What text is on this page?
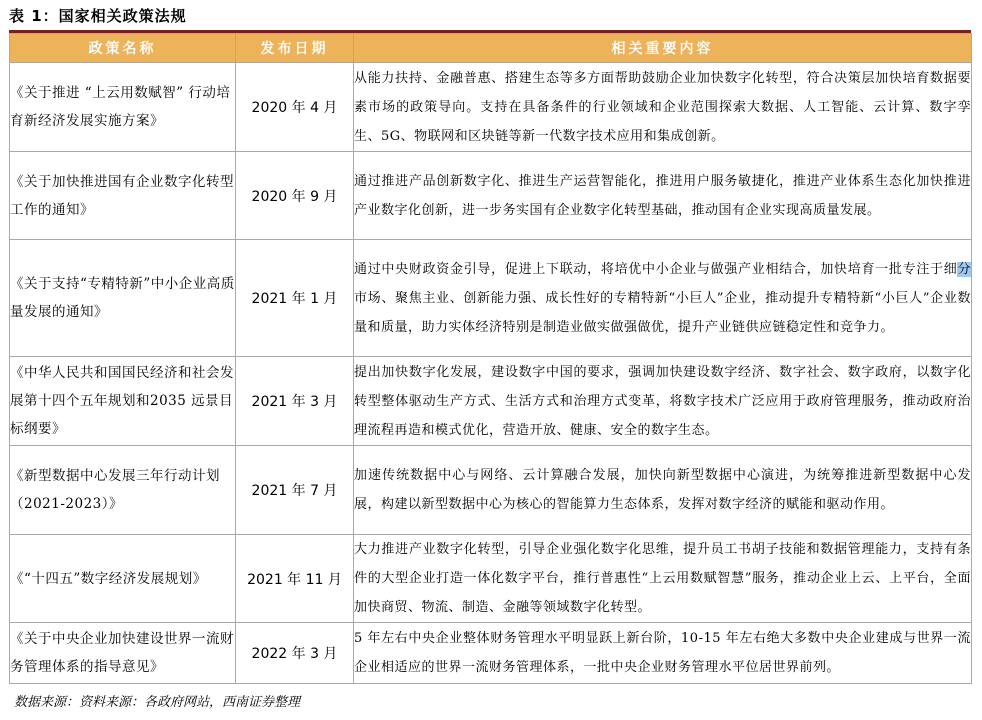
表 1：国家相关政策法规
政策名称	发布日期	相关重要内容
《关于推进 “上云用数赋智” 行动培育新经济发展实施方案》	2020 年 4 月	从能力扶持、金融普惠、搭建生态等多方面帮助鼓励企业加快数字化转型，符合决策层加快培育数据要素市场的政策导向。支持在具备条件的行业领域和企业范围探索大数据、人工智能、云计算、数字孪生、5G、物联网和区块链等新一代数字技术应用和集成创新。
《关于加快推进国有企业数字化转型工作的通知》	2020 年 9 月	通过推进产品创新数字化、推进生产运营智能化，推进用户服务敏捷化，推进产业体系生态化加快推进产业数字化创新，进一步务实国有企业数字化转型基础，推动国有企业实现高质量发展。
《关于支持“专精特新”中小企业高质量发展的通知》	2021 年 1 月	通过中央财政资金引导，促进上下联动，将培优中小企业与做强产业相结合，加快培育一批专注于细分市场、聚焦主业、创新能力强、成长性好的专精特新“小巨人”企业，推动提升专精特新“小巨人”企业数量和质量，助力实体经济特别是制造业做实做强做优，提升产业链供应链稳定性和竞争力。
《中华人民共和国国民经济和社会发展第十四个五年规划和2035 远景目标纲要》	2021 年 3 月	提出加快数字化发展，建设数字中国的要求，强调加快建设数字经济、数字社会、数字政府，以数字化转型整体驱动生产方式、生活方式和治理方式变革，将数字技术广泛应用于政府管理服务，推动政府治理流程再造和模式优化，营造开放、健康、安全的数字生态。
《新型数据中心发展三年行动计划（2021-2023）》	2021 年 7 月	加速传统数据中心与网络、云计算融合发展，加快向新型数据中心演进，为统筹推进新型数据中心发展，构建以新型数据中心为核心的智能算力生态体系，发挥对数字经济的赋能和驱动作用。
《“十四五”数字经济发展规划》	2021 年 11 月	大力推进产业数字化转型，引导企业强化数字化思维，提升员工书胡子技能和数据管理能力，支持有条件的大型企业打造一体化数字平台，推行普惠性“上云用数赋智慧”服务，推动企业上云、上平台，全面加快商贸、物流、制造、金融等领域数字化转型。
《关于中央企业加快建设世界一流财务管理体系的指导意见》	2022 年 3 月	5 年左右中央企业整体财务管理水平明显跃上新台阶，10-15 年左右绝大多数中央企业建成与世界一流企业相适应的世界一流财务管理体系，一批中央企业财务管理水平位居世界前列。
数据来源：资料来源：各政府网站，西南证券整理
